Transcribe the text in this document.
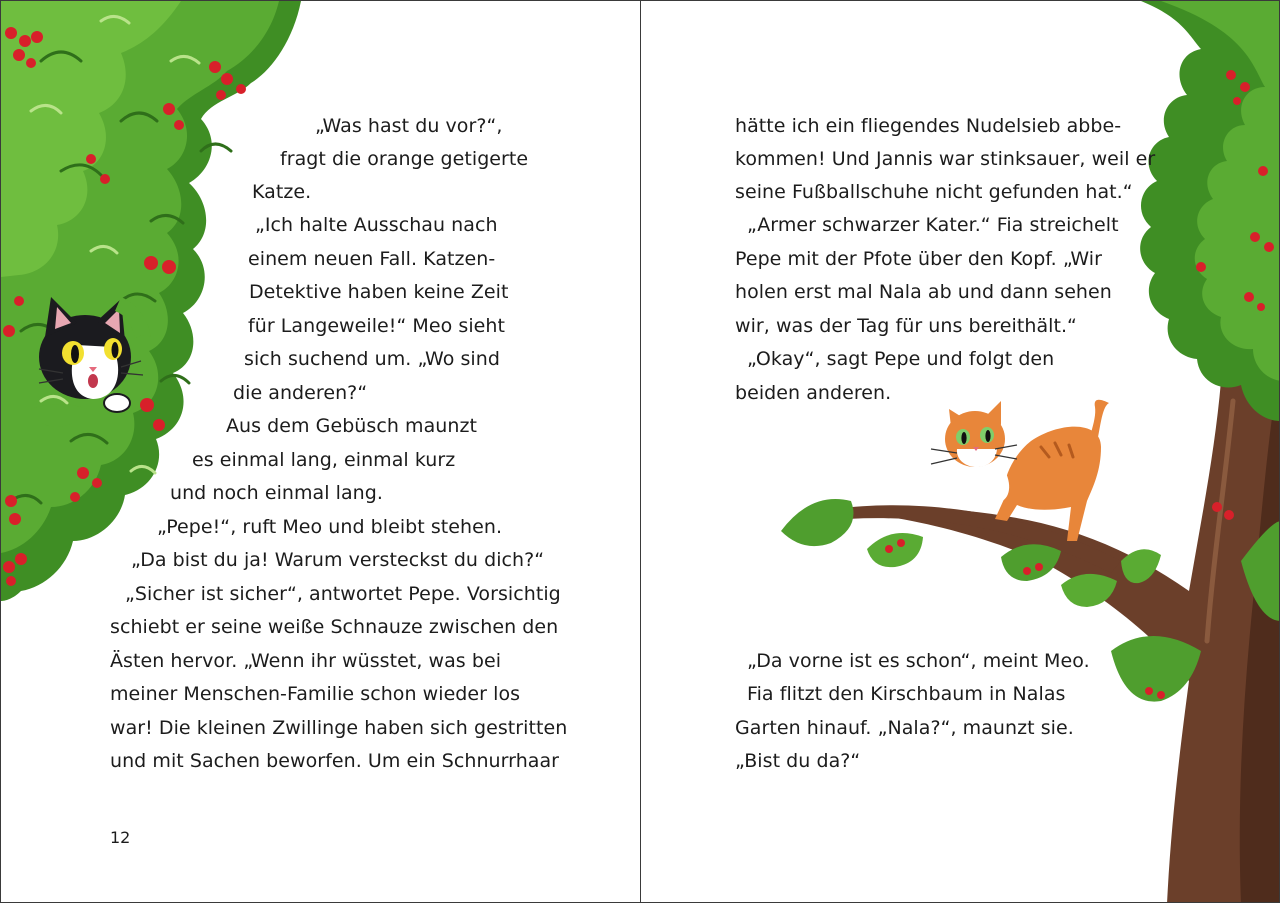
„Was hast du vor?“,
fragt die orange getigerte
Katze.
„Ich halte Ausschau nach
einem neuen Fall. Katzen-
Detektive haben keine Zeit
für Langeweile!“ Meo sieht
sich suchend um. „Wo sind
die anderen?“
Aus dem Gebüsch maunzt
es einmal lang, einmal kurz
und noch einmal lang.
„Pepe!“, ruft Meo und bleibt stehen.
„Da bist du ja! Warum versteckst du dich?“
„Sicher ist sicher“, antwortet Pepe. Vorsichtig
schiebt er seine weiße Schnauze zwischen den
Ästen hervor. „Wenn ihr wüsstet, was bei
meiner Menschen-Familie schon wieder los
war! Die kleinen Zwillinge haben sich gestritten
und mit Sachen beworfen. Um ein Schnurrhaar
12
hätte ich ein fliegendes Nudelsieb abbe-
kommen! Und Jannis war stinksauer, weil er
seine Fußballschuhe nicht gefunden hat.“
„Armer schwarzer Kater.“ Fia streichelt
Pepe mit der Pfote über den Kopf. „Wir
holen erst mal Nala ab und dann sehen
wir, was der Tag für uns bereithält.“
„Okay“, sagt Pepe und folgt den
beiden anderen.
„Da vorne ist es schon“, meint Meo.
Fia flitzt den Kirschbaum in Nalas
Garten hinauf. „Nala?“, maunzt sie.
„Bist du da?“
